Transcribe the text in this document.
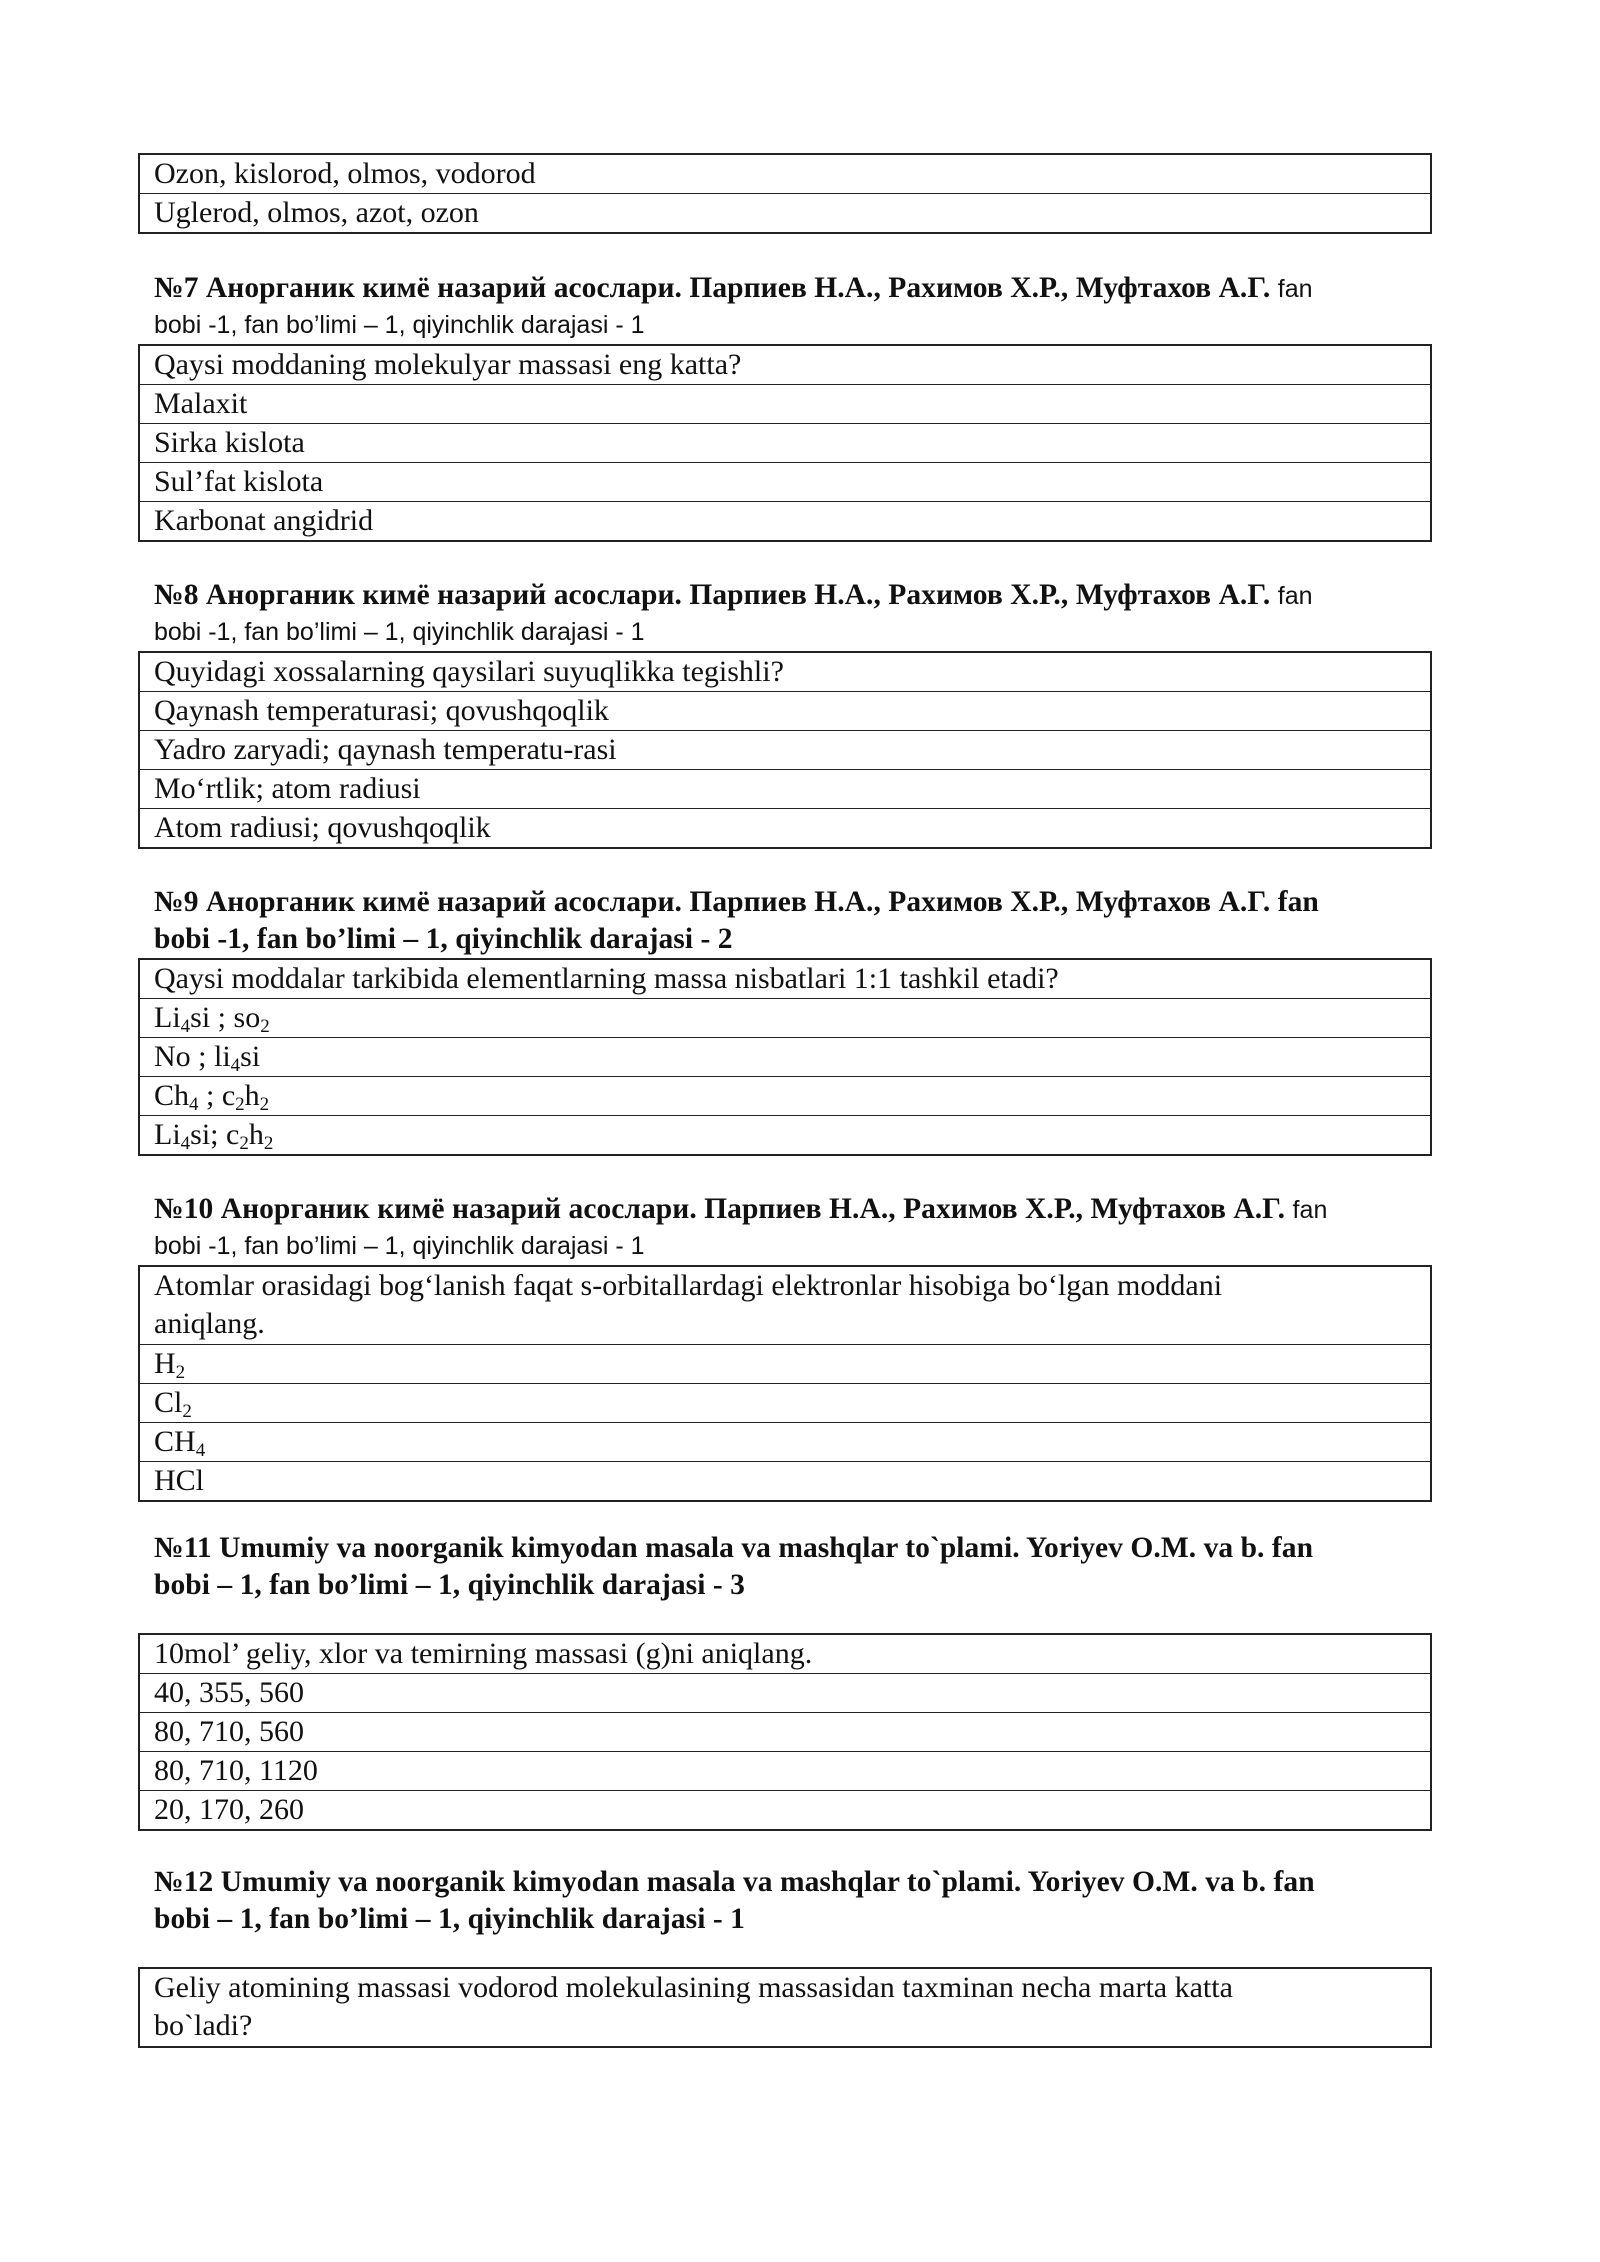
Ozon, kislorod, olmos, vodorod
Uglerod, olmos, azot, ozon
№7 Анорганик кимё назарий асослари. Парпиев Н.А., Рахимов Х.Р., Муфтахов А.Г. fan
bobi -1, fan bo’limi – 1, qiyinchlik darajasi - 1
Qaysi moddaning molekulyar massasi eng katta?
Malaxit
Sirka kislota
Sul’fat kislota
Karbonat angidrid
№8 Анорганик кимё назарий асослари. Парпиев Н.А., Рахимов Х.Р., Муфтахов А.Г. fan
bobi -1, fan bo’limi – 1, qiyinchlik darajasi - 1
Quyidagi xossalarning qaysilari suyuqlikka tegishli?
Qaynash temperaturasi; qovushqoqlik
Yadro zaryadi; qaynash temperatu-rasi
Mo‘rtlik; atom radiusi
Atom radiusi; qovushqoqlik
№9 Анорганик кимё назарий асослари. Парпиев Н.А., Рахимов Х.Р., Муфтахов А.Г. fan
bobi -1, fan bo’limi – 1, qiyinchlik darajasi - 2
Qaysi moddalar tarkibida elementlarning massa nisbatlari 1:1 tashkil etadi?
$Li_4si$ ; $so_2$
No ; $li_4si$
$Ch_4$ ; $c_2h_2$
$Li_4si$; $c_2h_2$
№10 Анорганик кимё назарий асослари. Парпиев Н.А., Рахимов Х.Р., Муфтахов А.Г. fan
bobi -1, fan bo’limi – 1, qiyinchlik darajasi - 1
Atomlar orasidagi bog‘lanish faqat s-orbitallardagi elektronlar hisobiga bo‘lgan moddani
aniqlang.
$H_2$
$Cl_2$
$CH_4$
HCl
№11 Umumiy va noorganik kimyodan masala va mashqlar to`plami. Yoriyev O.M. va b. fan
bobi – 1, fan bo’limi – 1, qiyinchlik darajasi - 3
10mol’ geliy, xlor va temirning massasi (g)ni aniqlang.
40, 355, 560
80, 710, 560
80, 710, 1120
20, 170, 260
№12 Umumiy va noorganik kimyodan masala va mashqlar to`plami. Yoriyev O.M. va b. fan
bobi – 1, fan bo’limi – 1, qiyinchlik darajasi - 1
Geliy atomining massasi vodorod molekulasining massasidan taxminan necha marta katta
bo`ladi?
